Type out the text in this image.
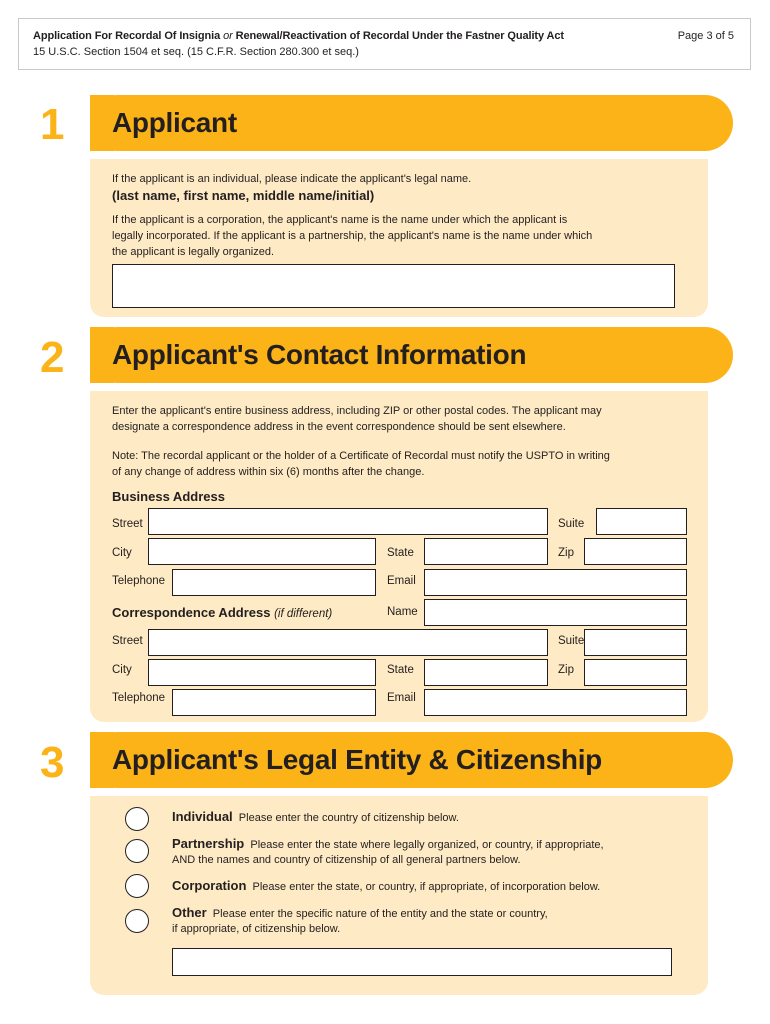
Application For Recordal Of Insignia or Renewal/Reactivation of Recordal Under the Fastner Quality Act
15 U.S.C. Section 1504 et seq. (15 C.F.R. Section 280.300 et seq.)
Page 3 of 5
1 Applicant
If the applicant is an individual, please indicate the applicant's legal name.
(last name, first name, middle name/initial)
If the applicant is a corporation, the applicant's name is the name under which the applicant is
legally incorporated. If the applicant is a partnership, the applicant's name is the name under which
the applicant is legally organized.
2 Applicant's Contact Information
Enter the applicant's entire business address, including ZIP or other postal codes. The applicant may
designate a correspondence address in the event correspondence should be sent elsewhere.
Note: The recordal applicant or the holder of a Certificate of Recordal must notify the USPTO in writing
of any change of address within six (6) months after the change.
Business Address
Street	Suite
City	State	Zip
Telephone	Email
Correspondence Address (if different)	Name
Street	Suite
City	State	Zip
Telephone	Email
3 Applicant's Legal Entity & Citizenship
Individual Please enter the country of citizenship below.
Partnership Please enter the state where legally organized, or country, if appropriate,
AND the names and country of citizenship of all general partners below.
Corporation Please enter the state, or country, if appropriate, of incorporation below.
Other Please enter the specific nature of the entity and the state or country,
if appropriate, of citizenship below.
